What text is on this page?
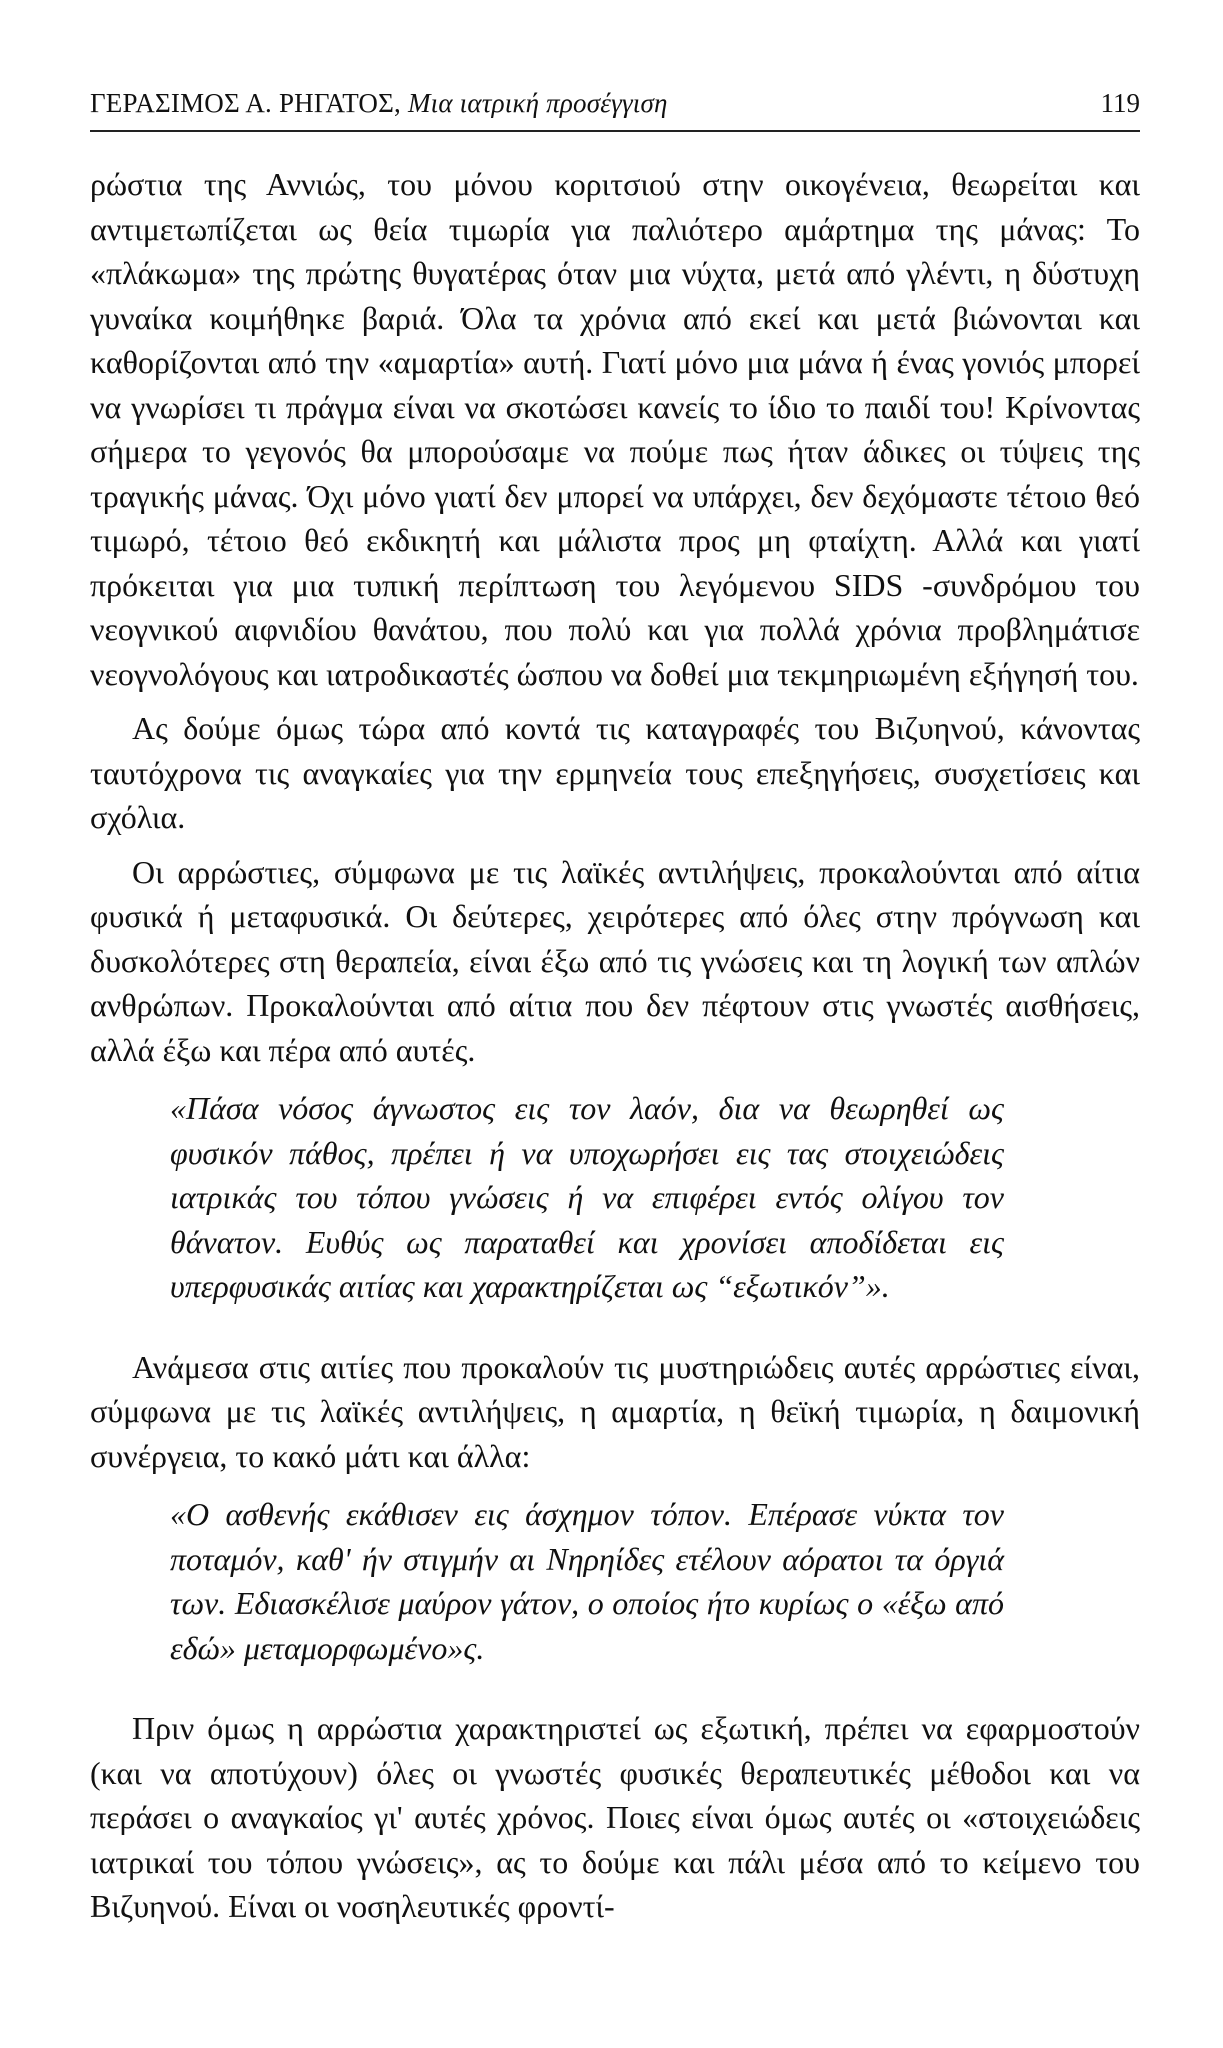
ΓΕΡΑΣΙΜΟΣ Α. ΡΗΓΑΤΟΣ, Μια ιατρική προσέγγιση	119

ρώστια της Αννιώς, του μόνου κοριτσιού στην οικογένεια, θεωρείται και αντιμετωπίζεται ως θεία τιμωρία για παλιότερο αμάρτημα της μάνας: Το «πλάκωμα» της πρώτης θυγατέρας όταν μια νύχτα, μετά από γλέντι, η δύστυχη γυναίκα κοιμήθηκε βαριά. Όλα τα χρόνια από εκεί και μετά βιώνονται και καθορίζονται από την «αμαρτία» αυτή. Γιατί μόνο μια μάνα ή ένας γονιός μπορεί να γνωρίσει τι πράγμα είναι να σκοτώσει κανείς το ίδιο το παιδί του! Κρίνοντας σήμερα το γεγονός θα μπορούσαμε να πούμε πως ήταν άδικες οι τύψεις της τραγικής μάνας. Όχι μόνο γιατί δεν μπορεί να υπάρχει, δεν δεχόμαστε τέτοιο θεό τιμωρό, τέτοιο θεό εκδικητή και μάλιστα προς μη φταίχτη. Αλλά και γιατί πρόκειται για μια τυπική περίπτωση του λεγόμενου SIDS -συνδρόμου του νεογνικού αιφνιδίου θανάτου, που πολύ και για πολλά χρόνια προβλημάτισε νεογνολόγους και ιατροδικαστές ώσπου να δοθεί μια τεκμηριωμένη εξήγησή του.

Ας δούμε όμως τώρα από κοντά τις καταγραφές του Βιζυηνού, κάνοντας ταυτόχρονα τις αναγκαίες για την ερμηνεία τους επεξηγήσεις, συσχετίσεις και σχόλια.

Οι αρρώστιες, σύμφωνα με τις λαϊκές αντιλήψεις, προκαλούνται από αίτια φυσικά ή μεταφυσικά. Οι δεύτερες, χειρότερες από όλες στην πρόγνωση και δυσκολότερες στη θεραπεία, είναι έξω από τις γνώσεις και τη λογική των απλών ανθρώπων. Προκαλούνται από αίτια που δεν πέφτουν στις γνωστές αισθήσεις, αλλά έξω και πέρα από αυτές.

«Πάσα νόσος άγνωστος εις τον λαόν, δια να θεωρηθεί ως φυσικόν πάθος, πρέπει ή να υποχωρήσει εις τας στοιχειώδεις ιατρικάς του τόπου γνώσεις ή να επιφέρει εντός ολίγου τον θάνατον. Ευθύς ως παραταθεί και χρονίσει αποδίδεται εις υπερφυσικάς αιτίας και χαρακτηρίζεται ως “εξωτικόν”».

Ανάμεσα στις αιτίες που προκαλούν τις μυστηριώδεις αυτές αρρώστιες είναι, σύμφωνα με τις λαϊκές αντιλήψεις, η αμαρτία, η θεϊκή τιμωρία, η δαιμονική συνέργεια, το κακό μάτι και άλλα:

«Ο ασθενής εκάθισεν εις άσχημον τόπον. Επέρασε νύκτα τον ποταμόν, καθ' ήν στιγμήν αι Νηρηίδες ετέλουν αόρατοι τα όργιά των. Εδιασκέλισε μαύρον γάτον, ο οποίος ήτο κυρίως ο «έξω από εδώ» μεταμορφωμένο»ς.

Πριν όμως η αρρώστια χαρακτηριστεί ως εξωτική, πρέπει να εφαρμοστούν (και να αποτύχουν) όλες οι γνωστές φυσικές θεραπευτικές μέθοδοι και να περάσει ο αναγκαίος γι' αυτές χρόνος. Ποιες είναι όμως αυτές οι «στοιχειώδεις ιατρικαί του τόπου γνώσεις», ας το δούμε και πάλι μέσα από το κείμενο του Βιζυηνού. Είναι οι νοσηλευτικές φροντί-
